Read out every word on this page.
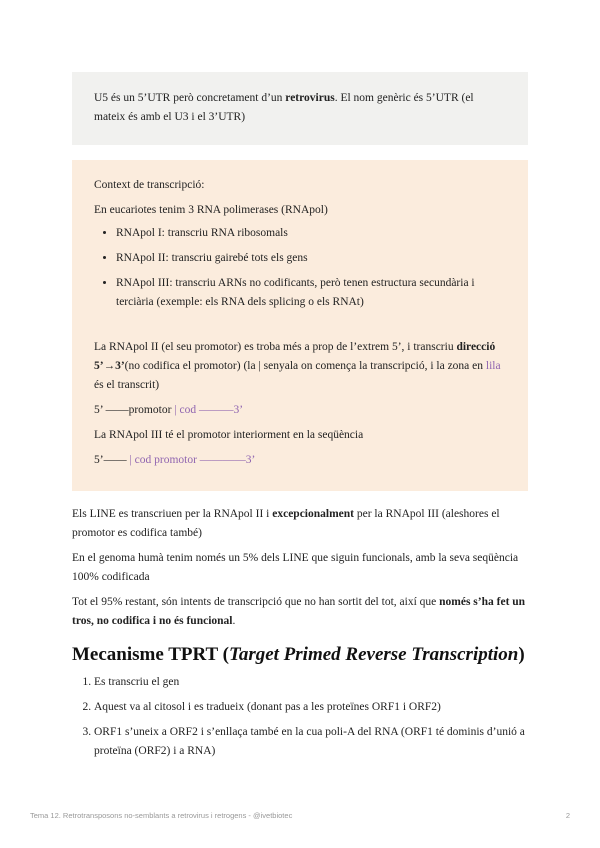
U5 és un 5’UTR però concretament d’un retrovirus. El nom genèric és 5’UTR (el mateix és amb el U3 i el 3’UTR)

Context de transcripció:

En eucariotes tenim 3 RNA polimerases (RNApol)

• RNApol I: transcriu RNA ribosomals
• RNApol II: transcriu gairebé tots els gens
• RNApol III: transcriu ARNs no codificants, però tenen estructura secundària i terciària (exemple: els RNA dels splicing o els RNAt)

La RNApol II (el seu promotor) es troba més a prop de l’extrem 5’, i transcriu direcció 5’→3’(no codifica el promotor) (la | senyala on comença la transcripció, i la zona en lila és el transcrit)

5’ ——promotor | cod ———3’

La RNApol III té el promotor interiorment en la seqüència

5’—— | cod promotor ————3’

Els LINE es transcriuen per la RNApol II i excepcionalment per la RNApol III (aleshores el promotor es codifica també)

En el genoma humà tenim només un 5% dels LINE que siguin funcionals, amb la seva seqüència 100% codificada

Tot el 95% restant, són intents de transcripció que no han sortit del tot, així que només s’ha fet un tros, no codifica i no és funcional.

Mecanisme TPRT (Target Primed Reverse Transcription)
1. Es transcriu el gen
2. Aquest va al citosol i es tradueix (donant pas a les proteïnes ORF1 i ORF2)
3. ORF1 s’uneix a ORF2 i s’enllaça també en la cua poli-A del RNA (ORF1 té dominis d’unió a proteïna (ORF2) i a RNA)
Tema 12. Retrotransposons no-semblants a retrovirus i retrogens - @ivetbiotec	2
